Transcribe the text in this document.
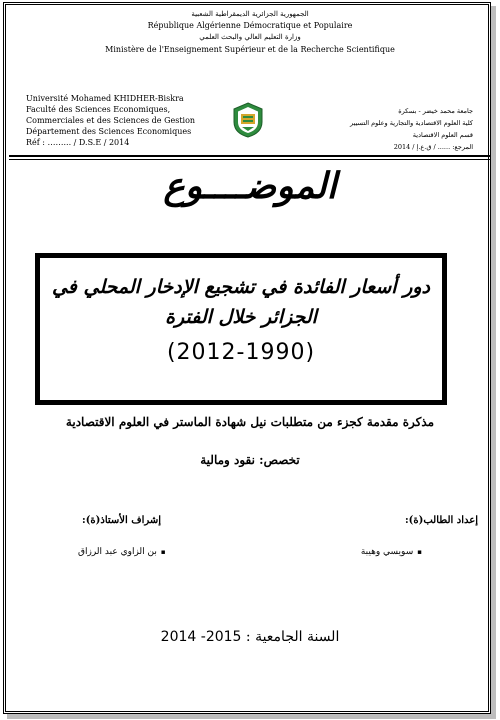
الجمهورية الجزائرية الديمقراطية الشعبية
République Algérienne Démocratique et Populaire
وزارة التعليم العالي والبحث العلمي
Ministère de l'Enseignement Supérieur et de la Recherche Scientifique
Université Mohamed KHIDHER-Biskra
Faculté des Sciences Economiques,
Commerciales et des Sciences de Gestion
Département des Sciences Economiques
Réf : ……... / D.S.E / 2014
جامعة محمد خيضر - بسكرة
كلية العلوم الاقتصادية والتجارية وعلوم التسيير
قسم العلوم الاقتصادية
المرجع: ...... / ق.ع.إ / 2014
الموضــــوع
دور أسعار الفائدة في تشجيع الإدخار المحلي في
الجزائر خلال الفترة
(2012-1990)
مذكرة مقدمة كجزء من متطلبات نيل شهادة الماستر في العلوم الاقتصادية
تخصص: نقود ومالية
إعداد الطالب(ة):
إشراف الأستاذ(ة):
▪سويسي وهيبة
▪بن الزاوي عبد الرزاق
السنة الجامعية : 2015- 2014
